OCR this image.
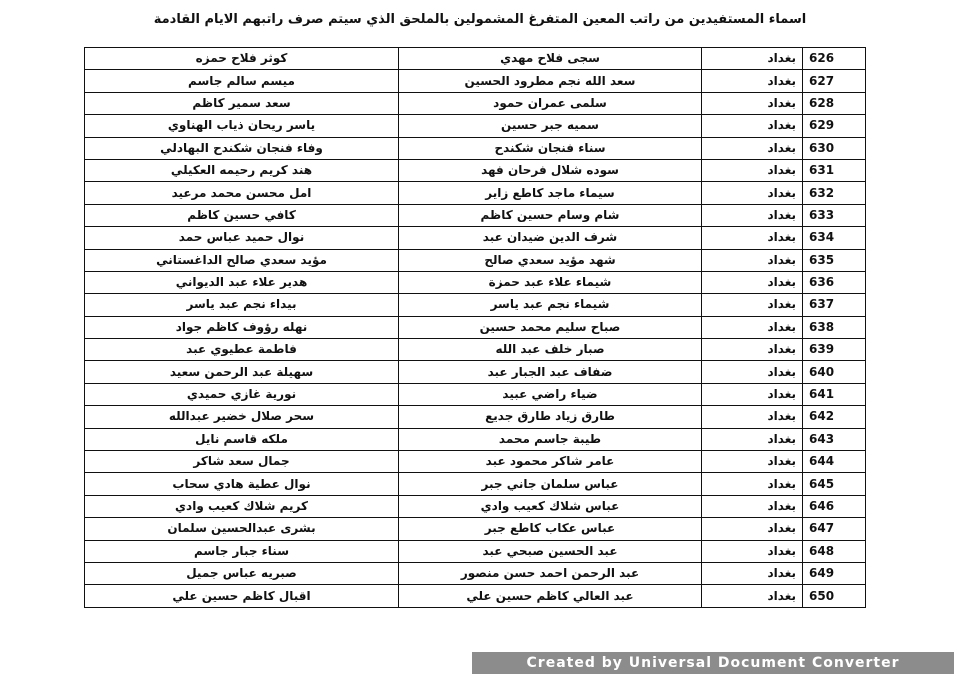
اسماء المستفيدين من راتب المعين المتفرغ المشمولين بالملحق الذي سيتم صرف راتبهم الايام القادمة
626	بغداد	سجى فلاح مهدي	كوثر فلاح حمزه
627	بغداد	سعد الله نجم مطرود الحسين	ميسم سالم جاسم
628	بغداد	سلمى عمران حمود	سعد سمير كاظم
629	بغداد	سميه جبر حسين	ياسر ريحان ذياب الهناوي
630	بغداد	سناء فنجان شكندح	وفاء فنجان شكندح البهادلي
631	بغداد	سوده شلال فرحان فهد	هند كريم رحيمه العكيلي
632	بغداد	سيماء ماجد كاطع زاير	امل محسن محمد مرعيد
633	بغداد	شام وسام حسين كاظم	كافي حسين كاظم
634	بغداد	شرف الدين ضيدان عبد	نوال حميد عباس حمد
635	بغداد	شهد مؤيد سعدي صالح	مؤيد سعدي صالح الداغستاني
636	بغداد	شيماء علاء عبد حمزة	هدير علاء عبد الديواني
637	بغداد	شيماء نجم عبد ياسر	بيداء نجم عبد ياسر
638	بغداد	صباح سليم محمد حسين	نهله رؤوف كاظم جواد
639	بغداد	صبار خلف عبد الله	فاطمة عطيوي عبد
640	بغداد	ضفاف عبد الجبار عبد	سهيلة عبد الرحمن سعيد
641	بغداد	ضياء راضي عبيد	نورية غازي حميدي
642	بغداد	طارق زياد طارق جديع	سحر صلال خضير عبدالله
643	بغداد	طيبة جاسم محمد	ملكه قاسم نايل
644	بغداد	عامر شاكر محمود عبد	جمال سعد شاكر
645	بغداد	عباس سلمان جاني جبر	نوال عطية هادي سحاب
646	بغداد	عباس شلاك كعيب وادي	كريم شلاك كعيب وادي
647	بغداد	عباس عكاب كاطع جبر	بشرى عبدالحسين سلمان
648	بغداد	عبد الحسين صبحي عبد	سناء جبار جاسم
649	بغداد	عبد الرحمن احمد حسن منصور	صبريه عباس جميل
650	بغداد	عبد العالي كاظم حسين علي	اقبال كاظم حسين علي
Created by Universal Document Converter
